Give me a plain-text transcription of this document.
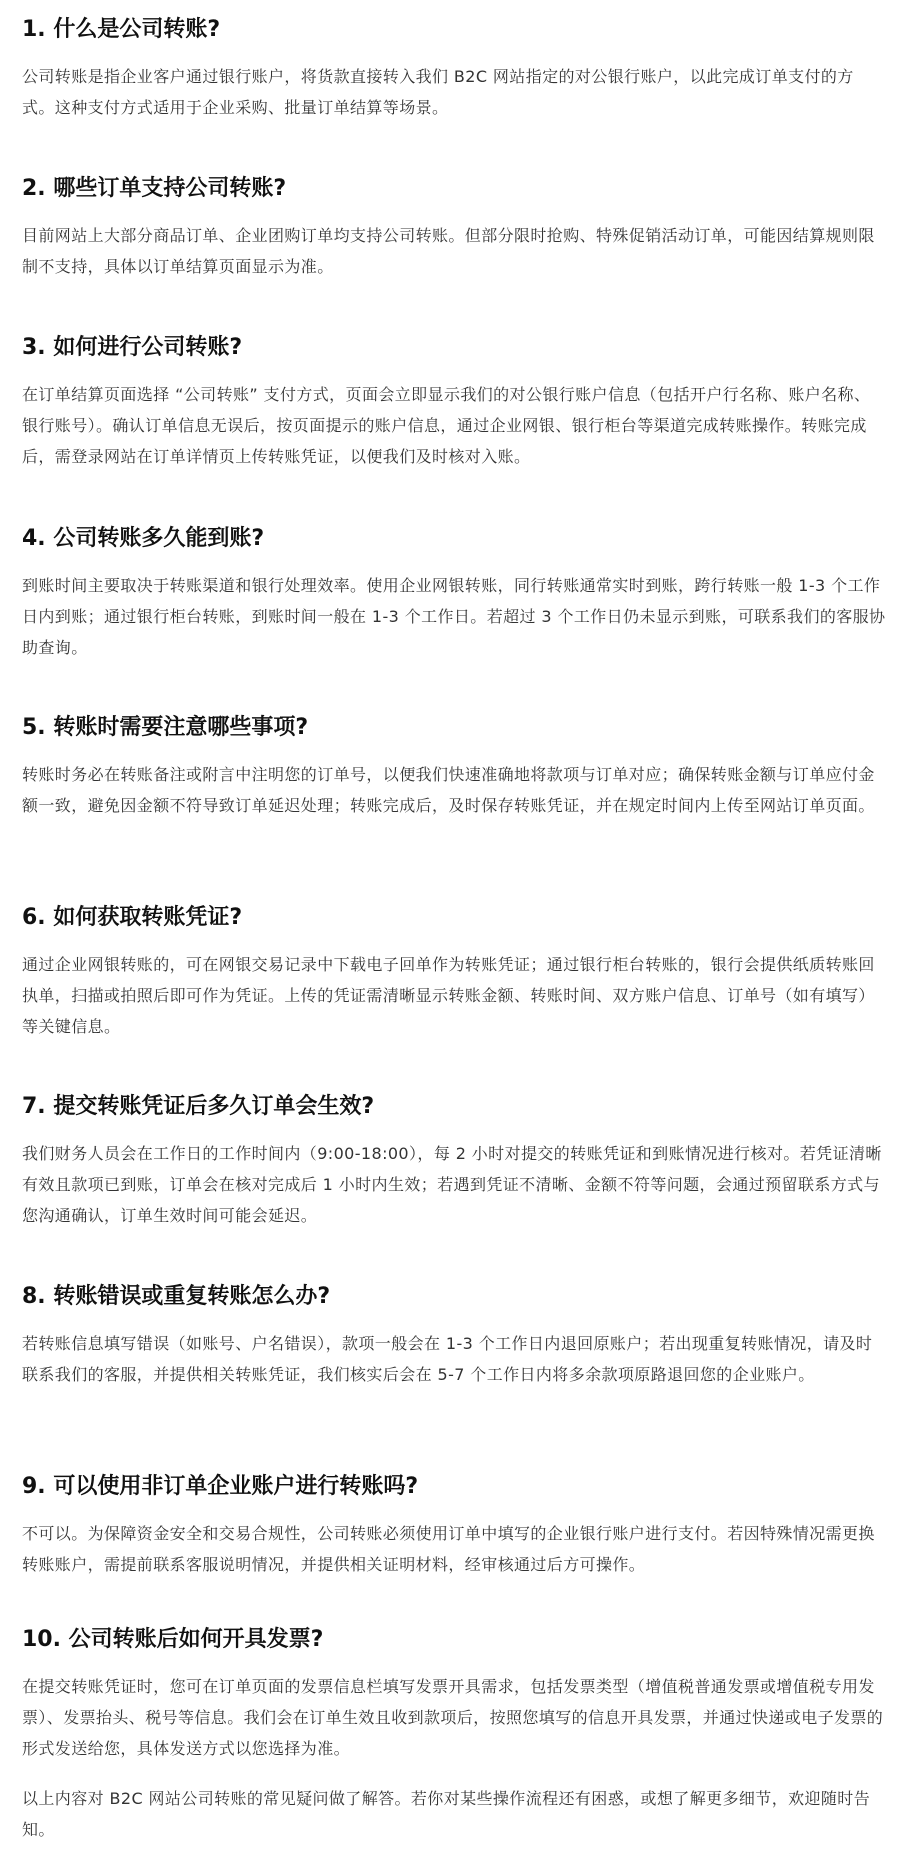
1. 什么是公司转账?

公司转账是指企业客户通过银行账户，将货款直接转入我们 B2C 网站指定的对公银行账户，以此完成订单支付的方式。这种支付方式适用于企业采购、批量订单结算等场景。

2. 哪些订单支持公司转账?

目前网站上大部分商品订单、企业团购订单均支持公司转账。但部分限时抢购、特殊促销活动订单，可能因结算规则限制不支持，具体以订单结算页面显示为准。

3. 如何进行公司转账?

在订单结算页面选择 “公司转账” 支付方式，页面会立即显示我们的对公银行账户信息（包括开户行名称、账户名称、银行账号）。确认订单信息无误后，按页面提示的账户信息，通过企业网银、银行柜台等渠道完成转账操作。转账完成后，需登录网站在订单详情页上传转账凭证，以便我们及时核对入账。

4. 公司转账多久能到账?

到账时间主要取决于转账渠道和银行处理效率。使用企业网银转账，同行转账通常实时到账，跨行转账一般 1-3 个工作日内到账；通过银行柜台转账，到账时间一般在 1-3 个工作日。若超过 3 个工作日仍未显示到账，可联系我们的客服协助查询。

5. 转账时需要注意哪些事项?

转账时务必在转账备注或附言中注明您的订单号，以便我们快速准确地将款项与订单对应；确保转账金额与订单应付金额一致，避免因金额不符导致订单延迟处理；转账完成后，及时保存转账凭证，并在规定时间内上传至网站订单页面。

6. 如何获取转账凭证?

通过企业网银转账的，可在网银交易记录中下载电子回单作为转账凭证；通过银行柜台转账的，银行会提供纸质转账回执单，扫描或拍照后即可作为凭证。上传的凭证需清晰显示转账金额、转账时间、双方账户信息、订单号（如有填写）等关键信息。

7. 提交转账凭证后多久订单会生效?

我们财务人员会在工作日的工作时间内（9:00-18:00），每 2 小时对提交的转账凭证和到账情况进行核对。若凭证清晰有效且款项已到账，订单会在核对完成后 1 小时内生效；若遇到凭证不清晰、金额不符等问题，会通过预留联系方式与您沟通确认，订单生效时间可能会延迟。

8. 转账错误或重复转账怎么办?

若转账信息填写错误（如账号、户名错误），款项一般会在 1-3 个工作日内退回原账户；若出现重复转账情况，请及时联系我们的客服，并提供相关转账凭证，我们核实后会在 5-7 个工作日内将多余款项原路退回您的企业账户。

9. 可以使用非订单企业账户进行转账吗?

不可以。为保障资金安全和交易合规性，公司转账必须使用订单中填写的企业银行账户进行支付。若因特殊情况需更换转账账户，需提前联系客服说明情况，并提供相关证明材料，经审核通过后方可操作。

10. 公司转账后如何开具发票?

在提交转账凭证时，您可在订单页面的发票信息栏填写发票开具需求，包括发票类型（增值税普通发票或增值税专用发票）、发票抬头、税号等信息。我们会在订单生效且收到款项后，按照您填写的信息开具发票，并通过快递或电子发票的形式发送给您，具体发送方式以您选择为准。

以上内容对 B2C 网站公司转账的常见疑问做了解答。若你对某些操作流程还有困惑，或想了解更多细节，欢迎随时告知。
